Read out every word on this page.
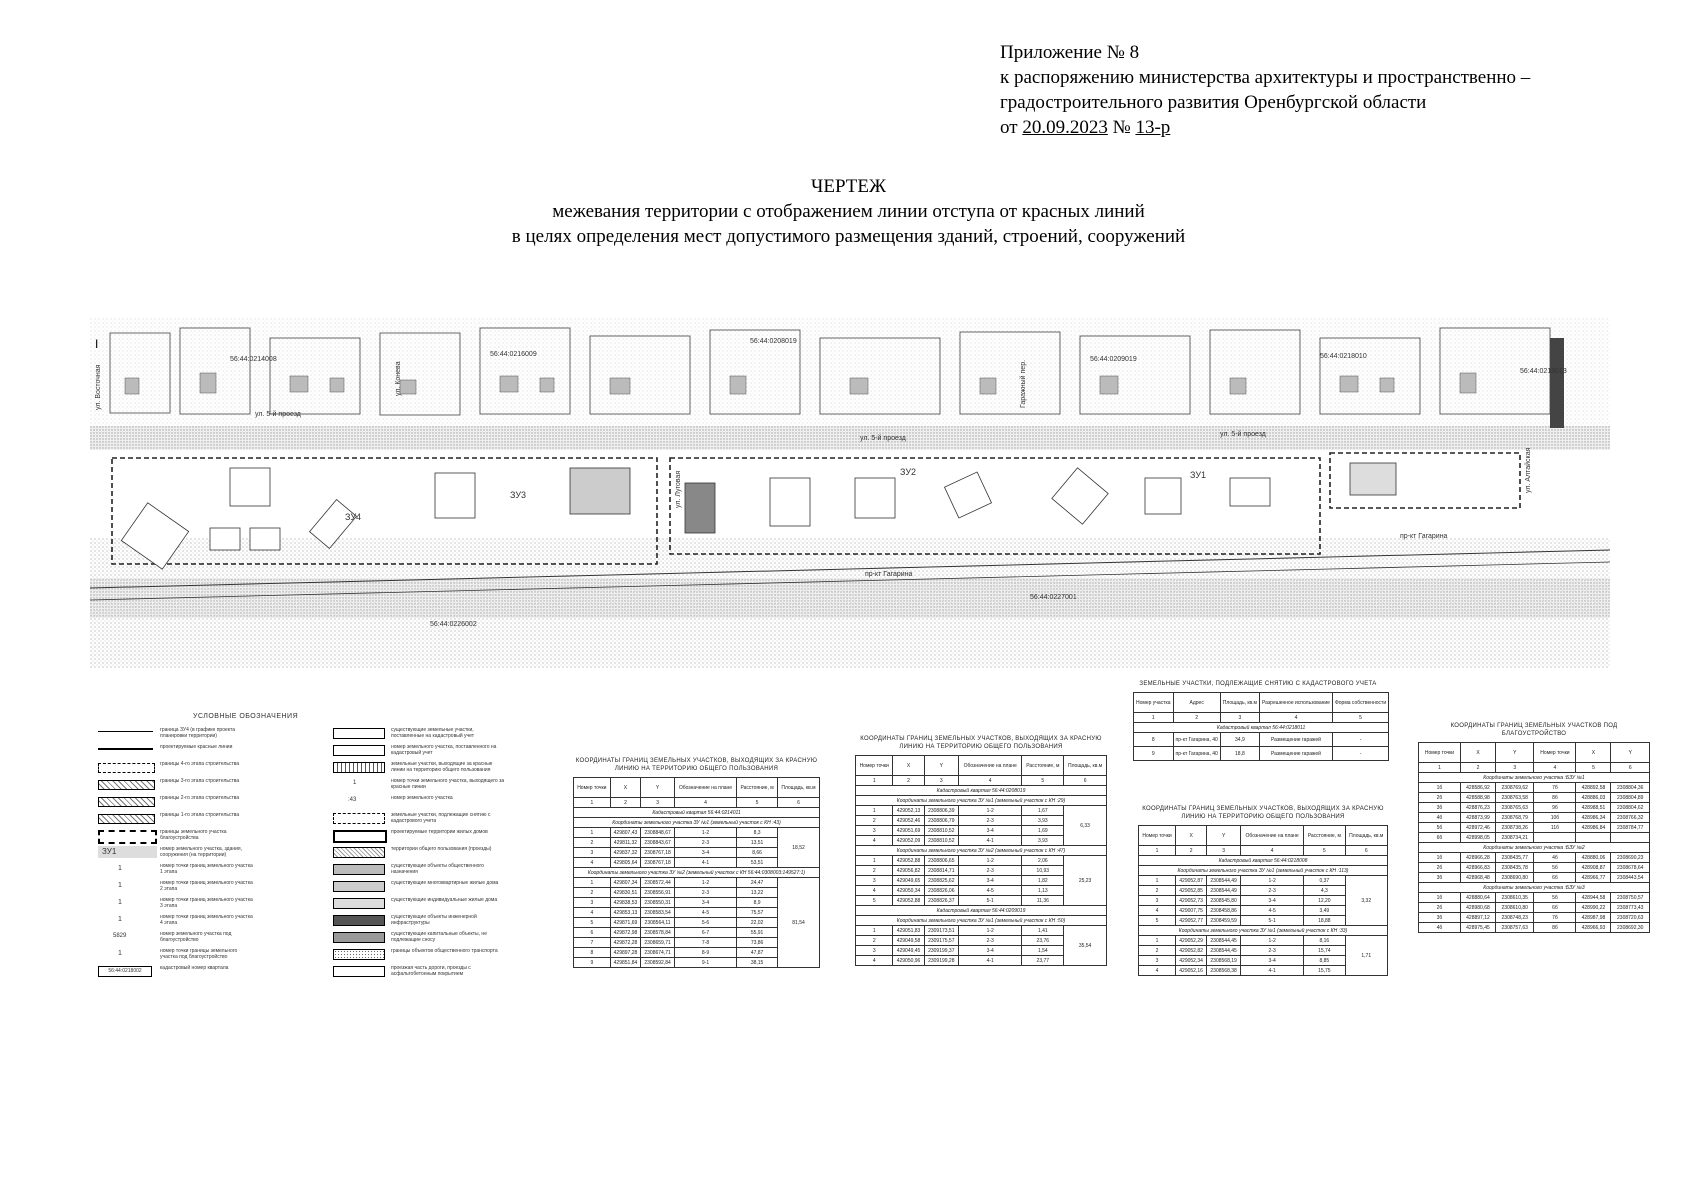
Приложение № 8
к распоряжению министерства архитектуры и пространственно –
градостроительного развития Оренбургской области
от 20.09.2023 № 13-р
ЧЕРТЕЖ
межевания территории с отображением линии отступа от красных линий
в целях определения мест допустимого размещения зданий, строений, сооружений
I
56:44:0214008
56:44:0216009
56:44:0208019
56:44:0209019	56:44:0218010
56:44:0218013
56:44:0226002
56:44:0227001
ЗУ4
ЗУ3
ЗУ2	ЗУ1
ул. 5-й проезд
ул. 5-й проезд
ул. 5-й проезд
пр-кт Гагарина
пр-кт Гагарина
ул. Восточная	ул. Конева
ул. Луговая
Гаражный пер.
ул. Алтайская
УСЛОВНЫЕ ОБОЗНАЧЕНИЯ
граница ЗУ4 (в графике проекта планировки территории)
проектируемые красные линии
границы 4-го этапа строительства
границы 3-го этапа строительства
границы 2-го этапа строительства
границы 1-го этапа строительства
границы земельного участка благоустройства
ЗУ1	номер земельного участка, здания, сооружения (на территории)
1	номер точки границ земельного участка 1 этапа
1	номер точки границ земельного участка 2 этапа
1	номер точки границ земельного участка 3 этапа
1	номер точки границ земельного участка 4 этапа
5829	номер земельного участка под благоустройство
1	номер точки границы земельного участка под благоустройство
56:44:0218002	кадастровый номер квартала
существующие земельные участки, поставленные на кадастровый учет
номер земельного участка, поставленного на кадастровый учет
земельные участки, выходящие за красные линии на территорию общего пользования
1	номер точки земельного участка, выходящего за красные линии
:43	номер земельного участка
земельные участки, подлежащие снятию с кадастрового учета
проектируемые территории жилых домов
территории общего пользования (проезды)
существующие объекты общественного назначения
существующие многоквартирные жилые дома
существующие индивидуальные жилые дома
существующие объекты инженерной инфраструктуры
существующие капитальные объекты, не подлежащие сносу
границы объектов общественного транспорта
проезжая часть дороги, проезды с асфальтобетонным покрытием
КООРДИНАТЫ ГРАНИЦ ЗЕМЕЛЬНЫХ УЧАСТКОВ, ВЫХОДЯЩИХ ЗА КРАСНУЮ ЛИНИЮ НА ТЕРРИТОРИЮ ОБЩЕГО ПОЛЬЗОВАНИЯ
Номер точки	X	Y	Обозначение на плане	Расстояние, м	Площадь, кв.м
1	2	3	4	5	6
Кадастровый квартал 56:44:0214011					
Координаты земельного участка ЗУ №1 (земельный участок с КН :43)					
1	429807,43	2308848,67	1-2	8,3	18,52
2	429811,32	2308843,67	2-3	13,51	
3	429837,32	2308767,18	3-4	8,66	
4	429805,64	2308767,18	4-1	53,51	
Координаты земельного участка ЗУ №2 (земельный участок с КН 56:44:0308003:149527:1)					
1	429807,34	2308572,44	1-2	24,47	81,54
2	429830,51	2308556,91	2-3	13,22	
3	429838,53	2308550,31	3-4	8,9	
4	429853,13	2308583,54	4-5	75,57	
5	429871,69	2308564,11	5-6	22,02	
6	429872,98	2308578,84	6-7	55,91	
7	429872,28	2308659,71	7-8	73,86	
8	429897,28	2308674,71	8-9	47,87	
9	429851,84	2308592,84	9-1	38,15	
КООРДИНАТЫ ГРАНИЦ ЗЕМЕЛЬНЫХ УЧАСТКОВ, ВЫХОДЯЩИХ ЗА КРАСНУЮ ЛИНИЮ НА ТЕРРИТОРИЮ ОБЩЕГО ПОЛЬЗОВАНИЯ
Номер точки	X	Y	Обозначение на плане	Расстояние, м	Площадь, кв.м
1	2	3	4	5	6
Кадастровый квартал 56:44:0208019					
Координаты земельного участка ЗУ №1 (земельный участок с КН :29)					
1	429052,13	2308806,39	1-2	1,67	6,33
2	429052,46	2308806,79	2-3	3,93	
3	429051,69	2308810,52	3-4	1,69	
4	429052,09	2308810,52	4-1	3,93	
Координаты земельного участка ЗУ №2 (земельный участок с КН :47)					
1	429052,88	2308806,65	1-2	2,06	25,23
2	429056,82	2308814,71	2-3	10,93	
3	429049,65	2308825,62	3-4	1,82	
4	429050,34	2308826,06	4-5	1,13	
5	429052,88	2308826,37	5-1	11,36	
Кадастровый квартал 56:44:0209019					
Координаты земельного участка ЗУ №1 (земельный участок с КН :50)					
1	429051,83	2309173,51	1-2	1,41	35,54
2	429049,58	2309175,57	2-3	23,76	
3	429049,45	2309199,37	3-4	1,54	
4	429050,96	2309199,28	4-1	23,77	
ЗЕМЕЛЬНЫЕ УЧАСТКИ, ПОДЛЕЖАЩИЕ СНЯТИЮ С КАДАСТРОВОГО УЧЕТА
Номер участка	Адрес	Площадь, кв.м	Разрешенное использование	Форма собственности
1	2	3	4	5
Кадастровый квартал 56:44:0218011				
8	пр-кт Гагарина, 40	34,9	Размещение гаражей	-
9	пр-кт Гагарина, 40	18,8	Размещение гаражей	-
КООРДИНАТЫ ГРАНИЦ ЗЕМЕЛЬНЫХ УЧАСТКОВ, ВЫХОДЯЩИХ ЗА КРАСНУЮ ЛИНИЮ НА ТЕРРИТОРИЮ ОБЩЕГО ПОЛЬЗОВАНИЯ
Номер точки	X	Y	Обозначение на плане	Расстояние, м	Площадь, кв.м
1	2	3	4	5	6
Кадастровый квартал 56:44:0218008					
Координаты земельного участка ЗУ №1 (земельный участок с КН :113)					
1	429052,87	2308544,49	1-2	0,37	3,32
2	429052,85	2308544,49	2-3	4,3	
3	429052,73	2308545,80	3-4	12,20	
4	429007,75	2308458,86	4-5	3,49	
5	429052,77	2308459,59	5-1	18,88	
Координаты земельного участка ЗУ №1 (земельный участок с КН :33)					
1	429052,29	2308544,45	1-2	8,16	1,71
2	429052,82	2308544,45	2-3	15,74	
3	429052,34	2308568,19	3-4	8,85	
4	429052,16	2308568,38	4-1	15,75	
КООРДИНАТЫ ГРАНИЦ ЗЕМЕЛЬНЫХ УЧАСТКОВ ПОД БЛАГОУСТРОЙСТВО
Номер точки	X	Y	Номер точки	X	Y
1	2	3	4	5	6
Координаты земельного участка :БЗУ №1					
1б	428586,92	2308769,62	7б	428892,58	2308804,36
2б	428588,98	2308763,58	8б	428886,03	2308804,89
3б	428876,23	2308765,63	9б	428988,51	2308804,62
4б	428873,99	2308768,79	10б	428986,34	2308766,32
5б	428972,46	2308738,26	11б	428986,84	2308784,77
6б	428998,05	2308734,21			
Координаты земельного участка :БЗУ №2					
1б	428966,28	2308435,77	4б	428880,06	2308690,23
2б	428966,83	2308435,78	5б	428908,87	2308678,64
3б	428968,48	2308690,80	6б	428966,77	2308443,54
Координаты земельного участка :БЗУ №3					
1б	428880,64	2308610,35	5б	428944,58	2308750,57
2б	428980,68	2308610,80	6б	428990,22	2308773,43
3б	428897,12	2308748,23	7б	428987,98	2308720,63
4б	428975,45	2308757,63	8б	428966,93	2308692,30
